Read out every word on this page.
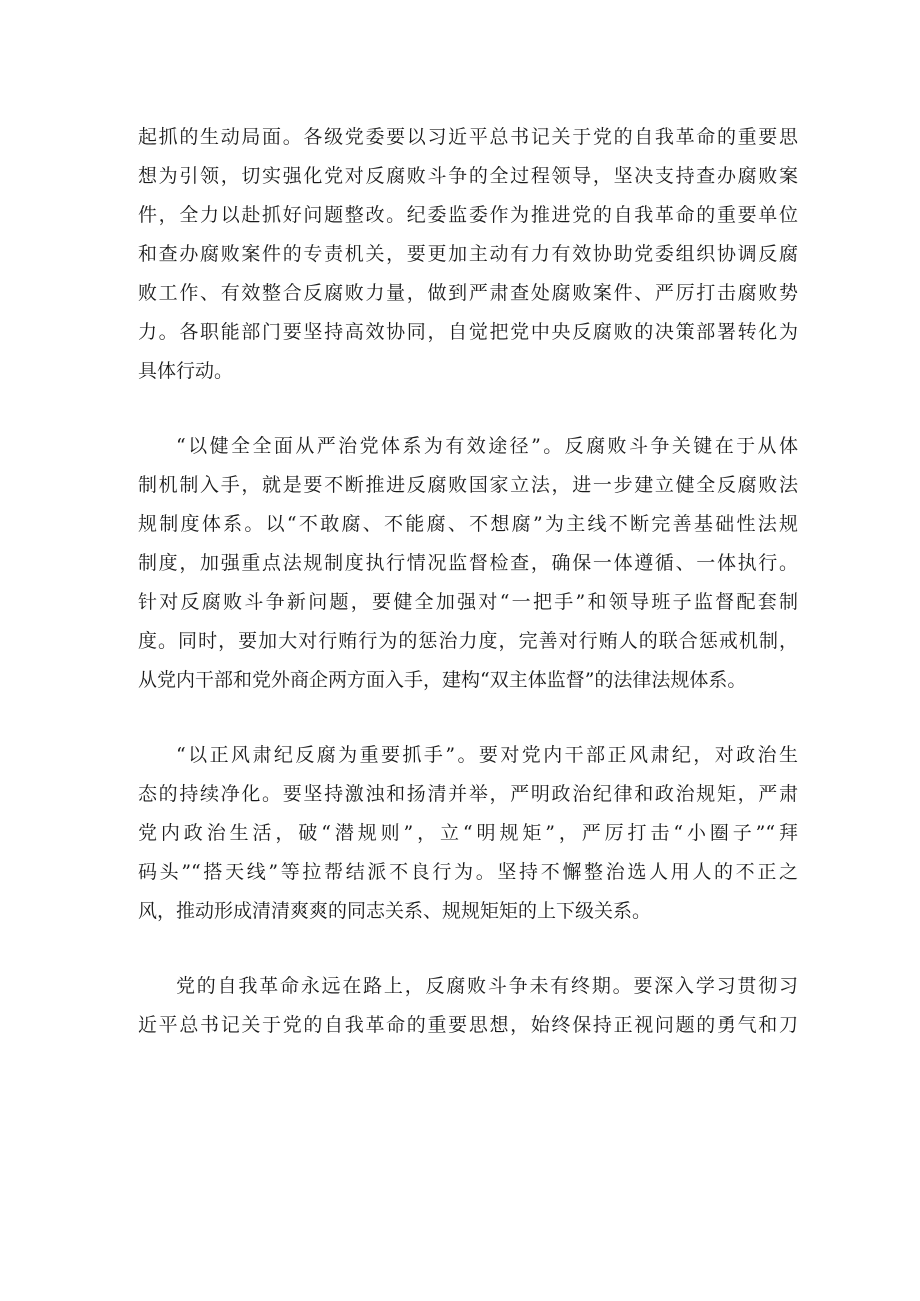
起抓的生动局面。各级党委要以习近平总书记关于党的自我革命的重要思
想为引领，切实强化党对反腐败斗争的全过程领导，坚决支持查办腐败案
件，全力以赴抓好问题整改。纪委监委作为推进党的自我革命的重要单位
和查办腐败案件的专责机关，要更加主动有力有效协助党委组织协调反腐
败工作、有效整合反腐败力量，做到严肃查处腐败案件、严厉打击腐败势
力。各职能部门要坚持高效协同，自觉把党中央反腐败的决策部署转化为
具体行动。

“以健全全面从严治党体系为有效途径”。反腐败斗争关键在于从体
制机制入手，就是要不断推进反腐败国家立法，进一步建立健全反腐败法
规制度体系。以“不敢腐、不能腐、不想腐”为主线不断完善基础性法规
制度，加强重点法规制度执行情况监督检查，确保一体遵循、一体执行。
针对反腐败斗争新问题，要健全加强对“一把手”和领导班子监督配套制
度。同时，要加大对行贿行为的惩治力度，完善对行贿人的联合惩戒机制，
从党内干部和党外商企两方面入手，建构“双主体监督”的法律法规体系。

“以正风肃纪反腐为重要抓手”。要对党内干部正风肃纪，对政治生
态的持续净化。要坚持激浊和扬清并举，严明政治纪律和政治规矩，严肃
党内政治生活，破“潜规则”，立“明规矩”，严厉打击“小圈子”“拜
码头”“搭天线”等拉帮结派不良行为。坚持不懈整治选人用人的不正之
风，推动形成清清爽爽的同志关系、规规矩矩的上下级关系。

党的自我革命永远在路上，反腐败斗争未有终期。要深入学习贯彻习
近平总书记关于党的自我革命的重要思想，始终保持正视问题的勇气和刀
